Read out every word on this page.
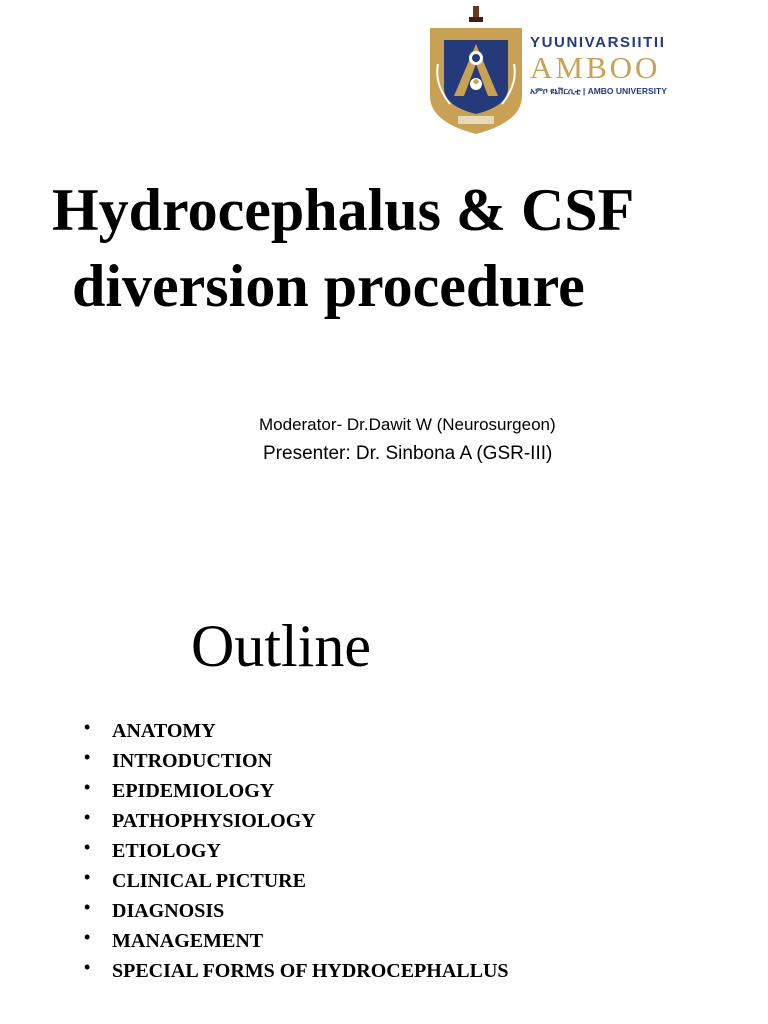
YUUNIVARSIITII
AMBOO
አምቦ ዩኒቨርሲቲ | AMBO UNIVERSITY
Hydrocephalus & CSF
diversion procedure
Moderator- Dr.Dawit W (Neurosurgeon)
Presenter: Dr. Sinbona A (GSR-III)
Outline
• ANATOMY
• INTRODUCTION
• EPIDEMIOLOGY
• PATHOPHYSIOLOGY
• ETIOLOGY
• CLINICAL PICTURE
• DIAGNOSIS
• MANAGEMENT
• SPECIAL FORMS OF HYDROCEPHALLUS
